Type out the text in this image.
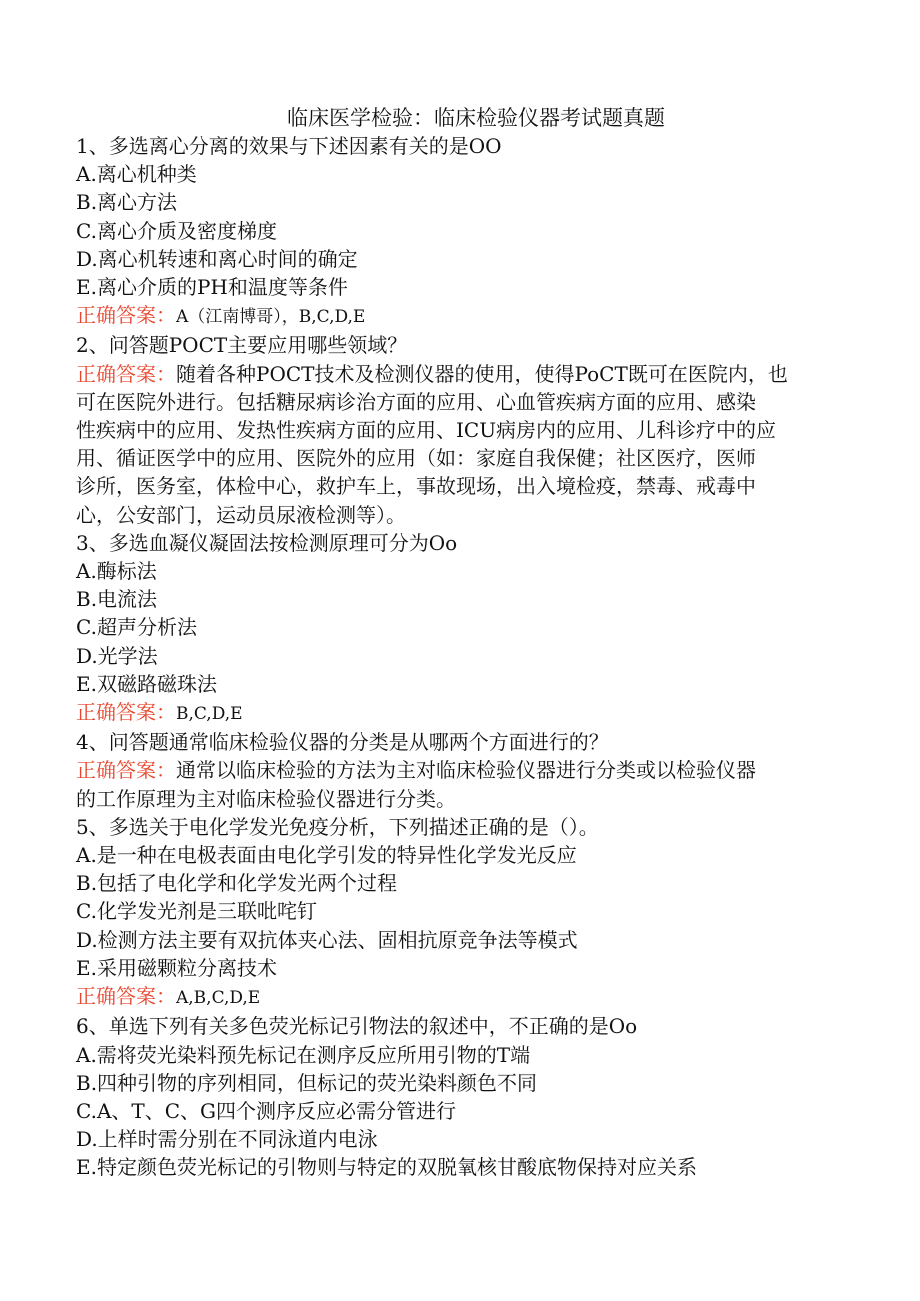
临床医学检验：临床检验仪器考试题真题
1、多选离心分离的效果与下述因素有关的是OO
A.离心机种类
B.离心方法
C.离心介质及密度梯度
D.离心机转速和离心时间的确定
E.离心介质的PH和温度等条件
正确答案：A（江南博哥），B,C,D,E
2、问答题POCT主要应用哪些领域？
正确答案：随着各种POCT技术及检测仪器的使用，使得PoCT既可在医院内，也
可在医院外进行。包括糖尿病诊治方面的应用、心血管疾病方面的应用、感染
性疾病中的应用、发热性疾病方面的应用、ICU病房内的应用、儿科诊疗中的应
用、循证医学中的应用、医院外的应用（如：家庭自我保健；社区医疗，医师
诊所，医务室，体检中心，救护车上，事故现场，出入境检疫，禁毒、戒毒中
心，公安部门，运动员尿液检测等）。
3、多选血凝仪凝固法按检测原理可分为Oo
A.酶标法
B.电流法
C.超声分析法
D.光学法
E.双磁路磁珠法
正确答案：B,C,D,E
4、问答题通常临床检验仪器的分类是从哪两个方面进行的？
正确答案：通常以临床检验的方法为主对临床检验仪器进行分类或以检验仪器
的工作原理为主对临床检验仪器进行分类。
5、多选关于电化学发光免疫分析，下列描述正确的是（）。
A.是一种在电极表面由电化学引发的特异性化学发光反应
B.包括了电化学和化学发光两个过程
C.化学发光剂是三联吡咤钉
D.检测方法主要有双抗体夹心法、固相抗原竞争法等模式
E.采用磁颗粒分离技术
正确答案：A,B,C,D,E
6、单选下列有关多色荧光标记引物法的叙述中，不正确的是Oo
A.需将荧光染料预先标记在测序反应所用引物的T端
B.四种引物的序列相同，但标记的荧光染料颜色不同
C.A、T、C、G四个测序反应必需分管进行
D.上样时需分别在不同泳道内电泳
E.特定颜色荧光标记的引物则与特定的双脱氧核甘酸底物保持对应关系
